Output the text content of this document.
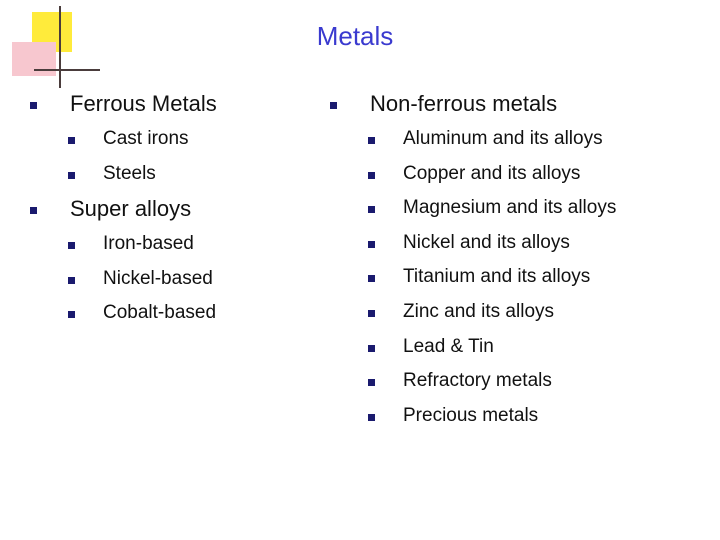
Metals
Ferrous Metals
Cast irons
Steels
Super alloys
Iron-based
Nickel-based
Cobalt-based
Non-ferrous metals
Aluminum and its alloys
Copper and its alloys
Magnesium and its alloys
Nickel and its alloys
Titanium and its alloys
Zinc and its alloys
Lead & Tin
Refractory metals
Precious metals
